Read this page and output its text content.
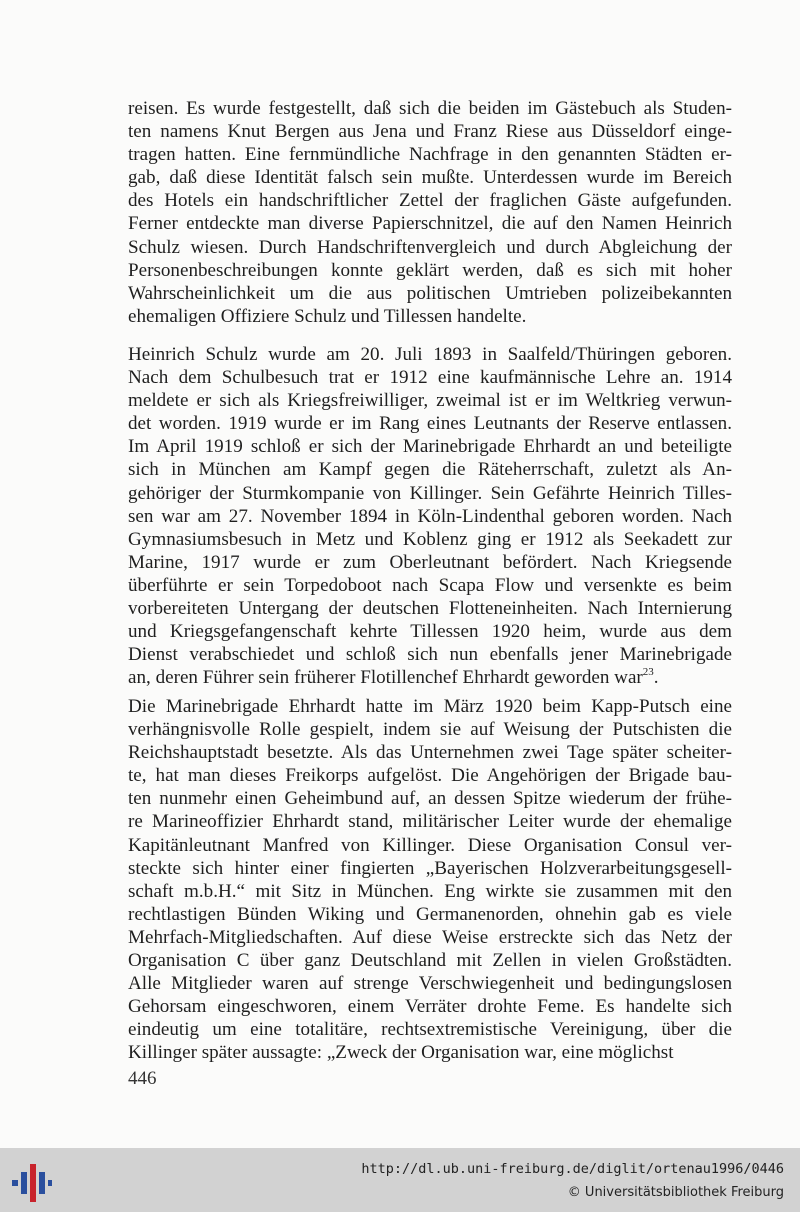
reisen. Es wurde festgestellt, daß sich die beiden im Gästebuch als Studen-
ten namens Knut Bergen aus Jena und Franz Riese aus Düsseldorf einge-
tragen hatten. Eine fernmündliche Nachfrage in den genannten Städten er-
gab, daß diese Identität falsch sein mußte. Unterdessen wurde im Bereich
des Hotels ein handschriftlicher Zettel der fraglichen Gäste aufgefunden.
Ferner entdeckte man diverse Papierschnitzel, die auf den Namen Heinrich
Schulz wiesen. Durch Handschriftenvergleich und durch Abgleichung der
Personenbeschreibungen konnte geklärt werden, daß es sich mit hoher
Wahrscheinlichkeit um die aus politischen Umtrieben polizeibekannten
ehemaligen Offiziere Schulz und Tillessen handelte.
Heinrich Schulz wurde am 20. Juli 1893 in Saalfeld/Thüringen geboren.
Nach dem Schulbesuch trat er 1912 eine kaufmännische Lehre an. 1914
meldete er sich als Kriegsfreiwilliger, zweimal ist er im Weltkrieg verwun-
det worden. 1919 wurde er im Rang eines Leutnants der Reserve entlassen.
Im April 1919 schloß er sich der Marinebrigade Ehrhardt an und beteiligte
sich in München am Kampf gegen die Räteherrschaft, zuletzt als An-
gehöriger der Sturmkompanie von Killinger. Sein Gefährte Heinrich Tilles-
sen war am 27. November 1894 in Köln-Lindenthal geboren worden. Nach
Gymnasiumsbesuch in Metz und Koblenz ging er 1912 als Seekadett zur
Marine, 1917 wurde er zum Oberleutnant befördert. Nach Kriegsende
überführte er sein Torpedoboot nach Scapa Flow und versenkte es beim
vorbereiteten Untergang der deutschen Flotteneinheiten. Nach Internierung
und Kriegsgefangenschaft kehrte Tillessen 1920 heim, wurde aus dem
Dienst verabschiedet und schloß sich nun ebenfalls jener Marinebrigade
an, deren Führer sein früherer Flotillenchef Ehrhardt geworden war$^{23}$.
Die Marinebrigade Ehrhardt hatte im März 1920 beim Kapp-Putsch eine
verhängnisvolle Rolle gespielt, indem sie auf Weisung der Putschisten die
Reichshauptstadt besetzte. Als das Unternehmen zwei Tage später scheiter-
te, hat man dieses Freikorps aufgelöst. Die Angehörigen der Brigade bau-
ten nunmehr einen Geheimbund auf, an dessen Spitze wiederum der frühe-
re Marineoffizier Ehrhardt stand, militärischer Leiter wurde der ehemalige
Kapitänleutnant Manfred von Killinger. Diese Organisation Consul ver-
steckte sich hinter einer fingierten „Bayerischen Holzverarbeitungsgesell-
schaft m.b.H.“ mit Sitz in München. Eng wirkte sie zusammen mit den
rechtlastigen Bünden Wiking und Germanenorden, ohnehin gab es viele
Mehrfach-Mitgliedschaften. Auf diese Weise erstreckte sich das Netz der
Organisation C über ganz Deutschland mit Zellen in vielen Großstädten.
Alle Mitglieder waren auf strenge Verschwiegenheit und bedingungslosen
Gehorsam eingeschworen, einem Verräter drohte Feme. Es handelte sich
eindeutig um eine totalitäre, rechtsextremistische Vereinigung, über die
Killinger später aussagte: „Zweck der Organisation war, eine möglichst
446
http://dl.ub.uni-freiburg.de/diglit/ortenau1996/0446
© Universitätsbibliothek Freiburg
